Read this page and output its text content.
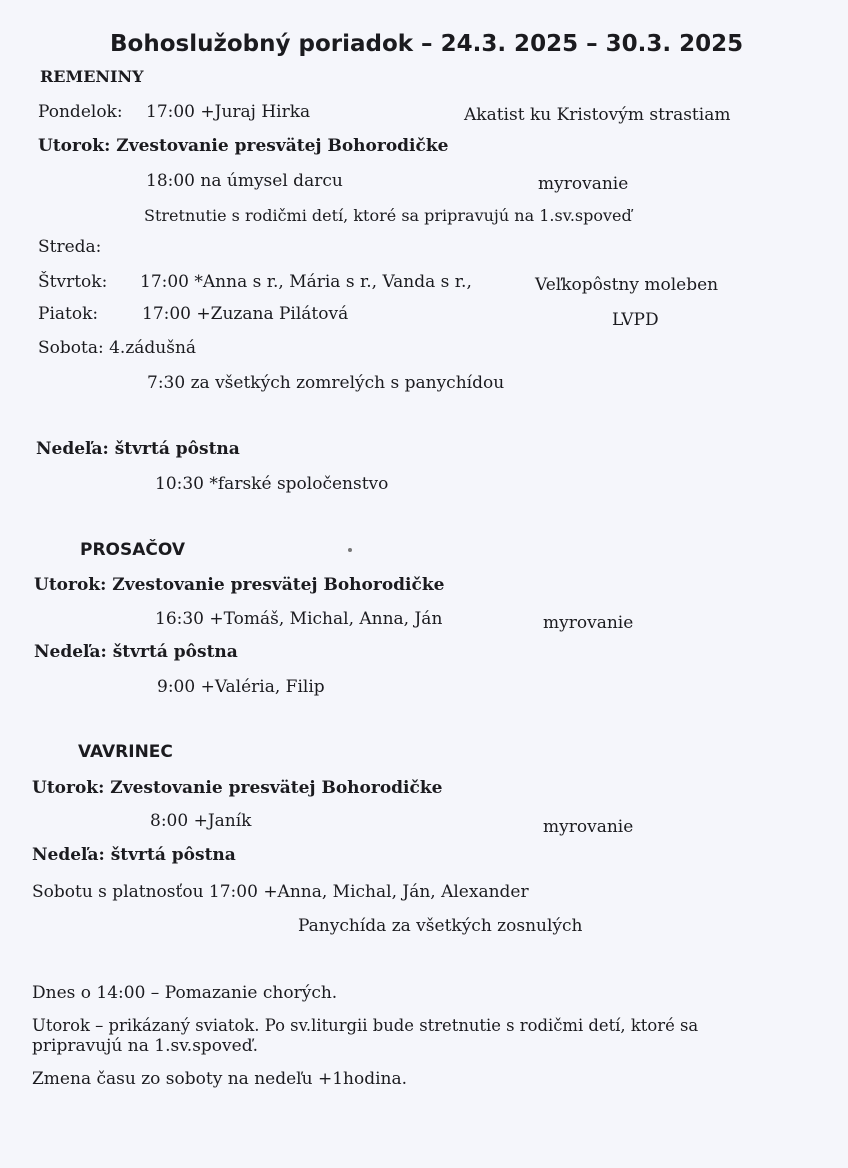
Bohoslužobný poriadok – 24.3. 2025 – 30.3. 2025
REMENINY
Pondelok: 17:00 +Juraj Hirka	Akatist ku Kristovým strastiam
Utorok: Zvestovanie presvätej Bohorodičke
18:00 na úmysel darcu	myrovanie
Stretnutie s rodičmi detí, ktoré sa pripravujú na 1.sv.spoveď
Streda:
Štvrtok: 17:00 *Anna s r., Mária s r., Vanda s r.,	Veľkopôstny moleben
Piatok:	17:00 +Zuzana Pilátová	LVPD
Sobota: 4.zádušná
7:30 za všetkých zomrelých s panychídou
Nedeľa: štvrtá pôstna
10:30 *farské spoločenstvo
PROSAČOV
Utorok: Zvestovanie presvätej Bohorodičke
16:30 +Tomáš, Michal, Anna, Ján	myrovanie
Nedeľa: štvrtá pôstna
9:00 +Valéria, Filip
VAVRINEC
Utorok: Zvestovanie presvätej Bohorodičke
8:00 +Janík	myrovanie
Nedeľa: štvrtá pôstna
Sobotu s platnosťou 17:00 +Anna, Michal, Ján, Alexander
Panychída za všetkých zosnulých
Dnes o 14:00 – Pomazanie chorých.
Utorok – prikázaný sviatok. Po sv.liturgii bude stretnutie s rodičmi detí, ktoré sa
pripravujú na 1.sv.spoveď.
Zmena času zo soboty na nedeľu +1hodina.
